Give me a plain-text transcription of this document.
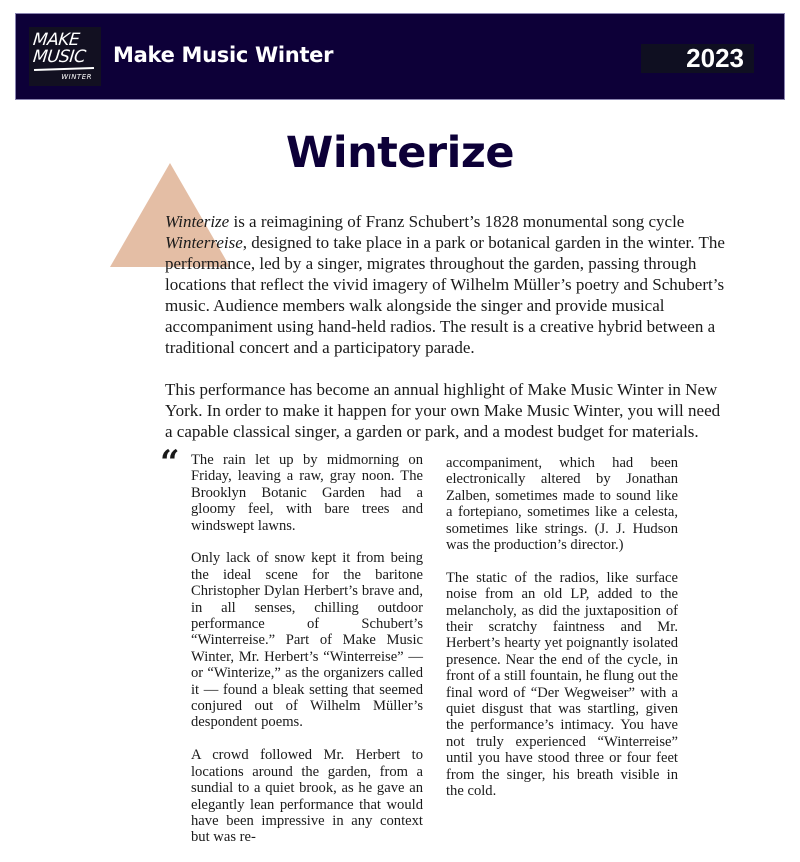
MAKE
MUSIC
WINTER
Make Music Winter	2023
Winterize

Winterize is a reimagining of Franz Schubert’s 1828 monumental song cycle Winterreise, designed to take place in a park or botanical garden in the winter. The performance, led by a singer, migrates throughout the garden, passing through locations that reflect the vivid imagery of Wilhelm Müller’s poetry and Schubert’s music. Audience members walk alongside the singer and provide musical accompaniment using hand-held radios. The result is a creative hybrid between a traditional concert and a participatory parade.

This performance has become an annual highlight of Make Music Winter in New York. In order to make it happen for your own Make Music Winter, you will need a capable classical singer, a garden or park, and a modest budget for materials.

“ The rain let up by midmorning on Friday, leaving a raw, gray noon. The Brooklyn Botanic Garden had a gloomy feel, with bare trees and windswept lawns.

Only lack of snow kept it from being the ideal scene for the baritone Christopher Dylan Herbert’s brave and, in all senses, chilling outdoor performance of Schubert’s “Winterreise.” Part of Make Music Winter, Mr. Herbert’s “Winterreise” — or “Winterize,” as the organizers called it — found a bleak setting that seemed conjured out of Wilhelm Müller’s despondent poems.

A crowd followed Mr. Herbert to locations around the garden, from a sundial to a quiet brook, as he gave an elegantly lean performance that would have been impressive in any context but was re-

accompaniment, which had been electronically altered by Jonathan Zalben, sometimes made to sound like a fortepiano, sometimes like a celesta, sometimes like strings. (J. J. Hudson was the production’s director.)

The static of the radios, like surface noise from an old LP, added to the melancholy, as did the juxtaposition of their scratchy faintness and Mr. Herbert’s hearty yet poignantly isolated presence. Near the end of the cycle, in front of a still fountain, he flung out the final word of “Der Wegweiser” with a quiet disgust that was startling, given the performance’s intimacy. You have not truly experienced “Winterreise” until you have stood three or four feet from the singer, his breath visible in the cold.
